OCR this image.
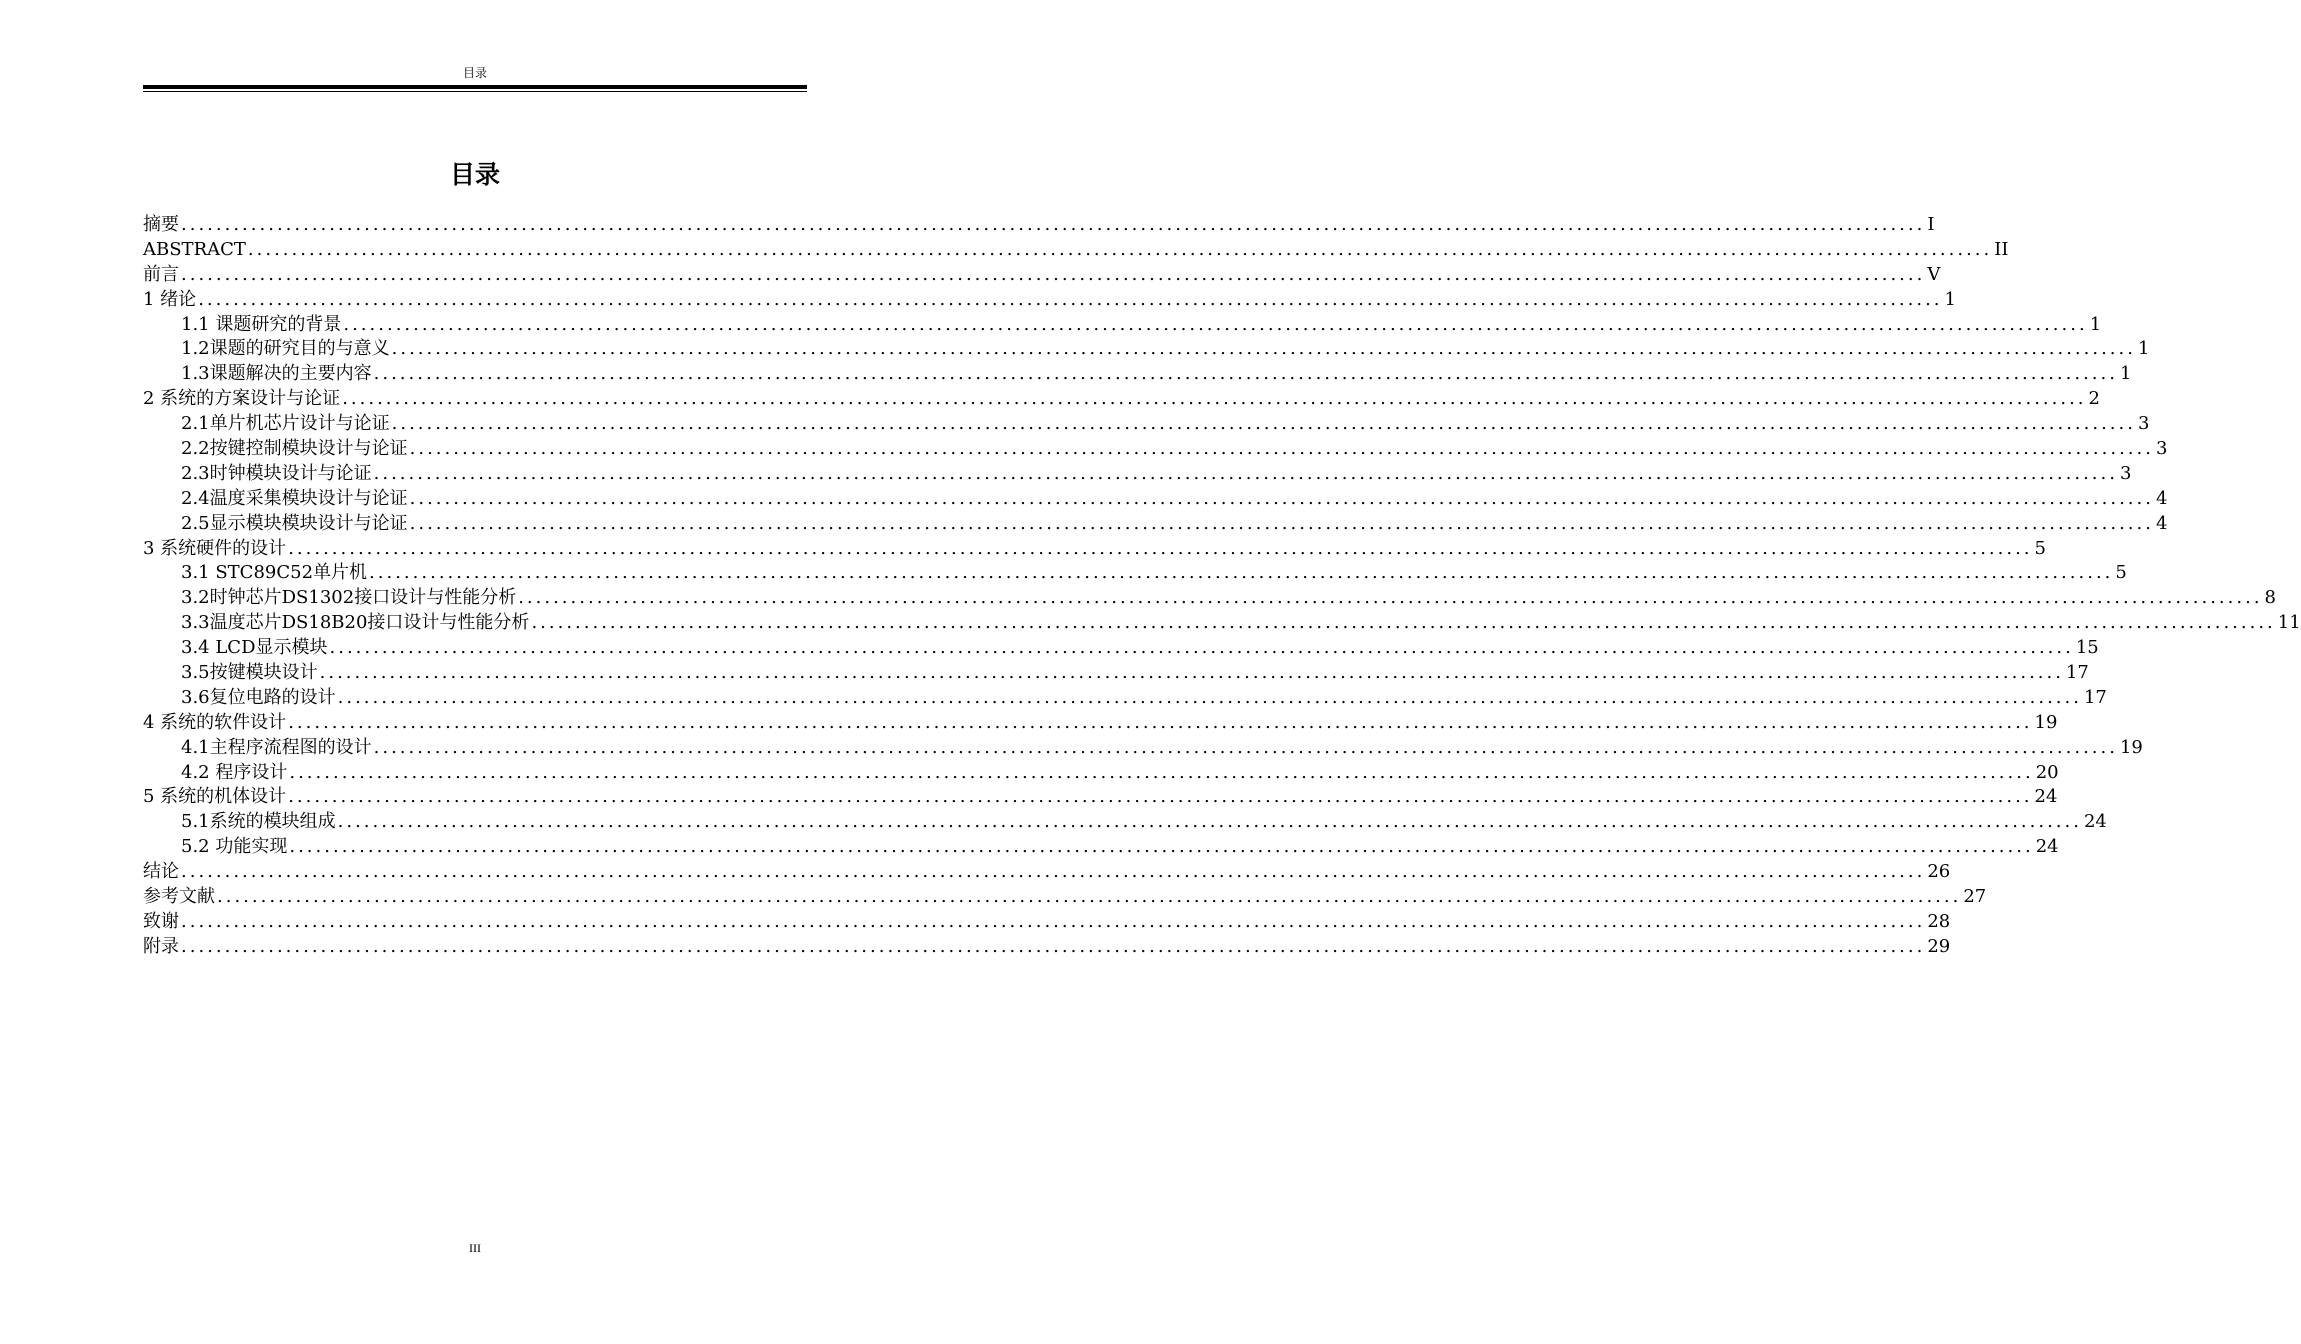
目录
目录
摘要 ........................................................................................................................................................................................................ I
ABSTRACT ........................................................................................................................................................................................................ II
前言 ........................................................................................................................................................................................................ V
1 绪论 ........................................................................................................................................................................................................ 1
1.1 课题研究的背景 ........................................................................................................................................................................................................ 1
1.2课题的研究目的与意义 ........................................................................................................................................................................................................ 1
1.3课题解决的主要内容 ........................................................................................................................................................................................................ 1
2 系统的方案设计与论证 ........................................................................................................................................................................................................ 2
2.1单片机芯片设计与论证 ........................................................................................................................................................................................................ 3
2.2按键控制模块设计与论证 ........................................................................................................................................................................................................ 3
2.3时钟模块设计与论证 ........................................................................................................................................................................................................ 3
2.4温度采集模块设计与论证 ........................................................................................................................................................................................................ 4
2.5显示模块模块设计与论证 ........................................................................................................................................................................................................ 4
3 系统硬件的设计 ........................................................................................................................................................................................................ 5
3.1 STC89C52单片机 ........................................................................................................................................................................................................ 5
3.2时钟芯片DS1302接口设计与性能分析 ........................................................................................................................................................................................................ 8
3.3温度芯片DS18B20接口设计与性能分析 ........................................................................................................................................................................................................ 11
3.4 LCD显示模块 ........................................................................................................................................................................................................ 15
3.5按键模块设计 ........................................................................................................................................................................................................ 17
3.6复位电路的设计 ........................................................................................................................................................................................................ 17
4 系统的软件设计 ........................................................................................................................................................................................................ 19
4.1主程序流程图的设计 ........................................................................................................................................................................................................ 19
4.2 程序设计 ........................................................................................................................................................................................................ 20
5 系统的机体设计 ........................................................................................................................................................................................................ 24
5.1系统的模块组成 ........................................................................................................................................................................................................ 24
5.2 功能实现 ........................................................................................................................................................................................................ 24
结论 ........................................................................................................................................................................................................ 26
参考文献 ........................................................................................................................................................................................................ 27
致谢 ........................................................................................................................................................................................................ 28
附录 ........................................................................................................................................................................................................ 29
III
